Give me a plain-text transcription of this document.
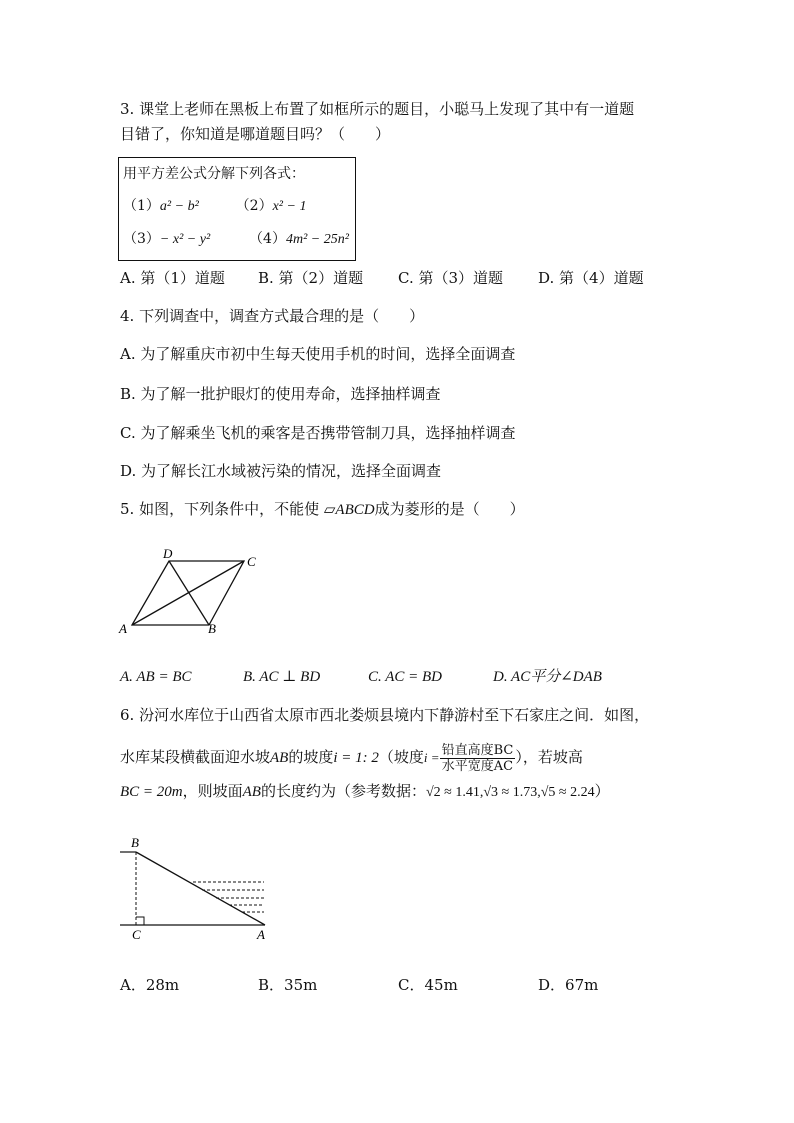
3. 课堂上老师在黑板上布置了如框所示的题目，小聪马上发现了其中有一道题
目错了，你知道是哪道题目吗？（　　）
用平方差公式分解下列各式：
（1）a² − b²	（2）x² − 1
（3）− x² − y²	（4）4m² − 25n²
A. 第（1）道题 B. 第（2）道题 C. 第（3）道题 D. 第（4）道题
4. 下列调查中，调查方式最合理的是（　　）
A. 为了解重庆市初中生每天使用手机的时间，选择全面调查
B. 为了解一批护眼灯的使用寿命，选择抽样调查
C. 为了解乘坐飞机的乘客是否携带管制刀具，选择抽样调查
D. 为了解长江水域被污染的情况，选择全面调查
5. 如图，下列条件中，不能使 ▱ABCD成为菱形的是（　　）
A	B
C
D
A. AB = BC	B. AC ⊥ BD	C. AC = BD	D. AC平分∠DAB
6. 汾河水库位于山西省太原市西北娄烦县境内下静游村至下石家庄之间．如图，
水库某段横截面迎水坡AB的坡度i = 1: 2（坡度$i = \frac{\text{铅直高度BC}}{\text{水平宽度AC}}$ ），若坡高
BC = 20m，则坡面AB的长度约为（参考数据：√2 ≈ 1.41,√3 ≈ 1.73,√5 ≈ 2.24）
B
C	A
A．28m	B．35m	C．45m	D．67m
